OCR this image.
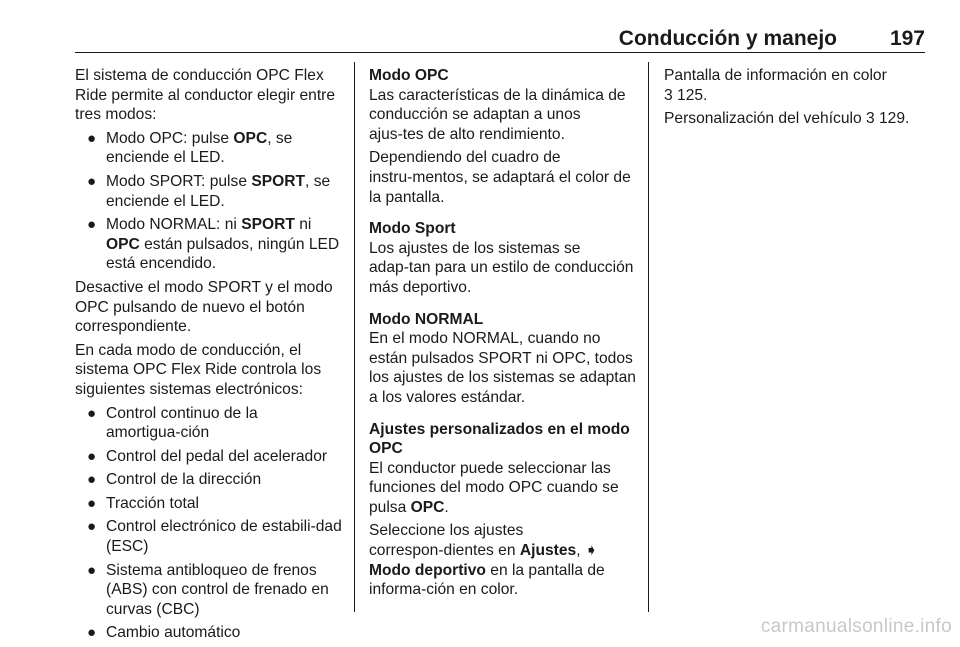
Conducción y manejo	197

El sistema de conducción OPC Flex Ride permite al conductor elegir entre tres modos:

● Modo OPC: pulse OPC, se enciende el LED.
● Modo SPORT: pulse SPORT, se enciende el LED.
● Modo NORMAL: ni SPORT ni OPC están pulsados, ningún LED está encendido.

Desactive el modo SPORT y el modo OPC pulsando de nuevo el botón correspondiente.

En cada modo de conducción, el sistema OPC Flex Ride controla los siguientes sistemas electrónicos:

● Control continuo de la amortigua‑ción
● Control del pedal del acelerador
● Control de la dirección
● Tracción total
● Control electrónico de estabili‑dad (ESC)
● Sistema antibloqueo de frenos (ABS) con control de frenado en curvas (CBC)
● Cambio automático

Modo OPC

Las características de la dinámica de conducción se adaptan a unos ajus‑tes de alto rendimiento.

Dependiendo del cuadro de instru‑mentos, se adaptará el color de la pantalla.

Modo Sport

Los ajustes de los sistemas se adap‑tan para un estilo de conducción más deportivo.

Modo NORMAL

En el modo NORMAL, cuando no están pulsados SPORT ni OPC, todos los ajustes de los sistemas se adaptan a los valores estándar.

Ajustes personalizados en el modo OPC

El conductor puede seleccionar las funciones del modo OPC cuando se pulsa OPC.

Seleccione los ajustes correspon‑dientes en Ajustes, ➧ Modo deportivo en la pantalla de informa‑ción en color.

Pantalla de información en color
3 125.

Personalización del vehículo 3 129.

carmanualsonline.info
